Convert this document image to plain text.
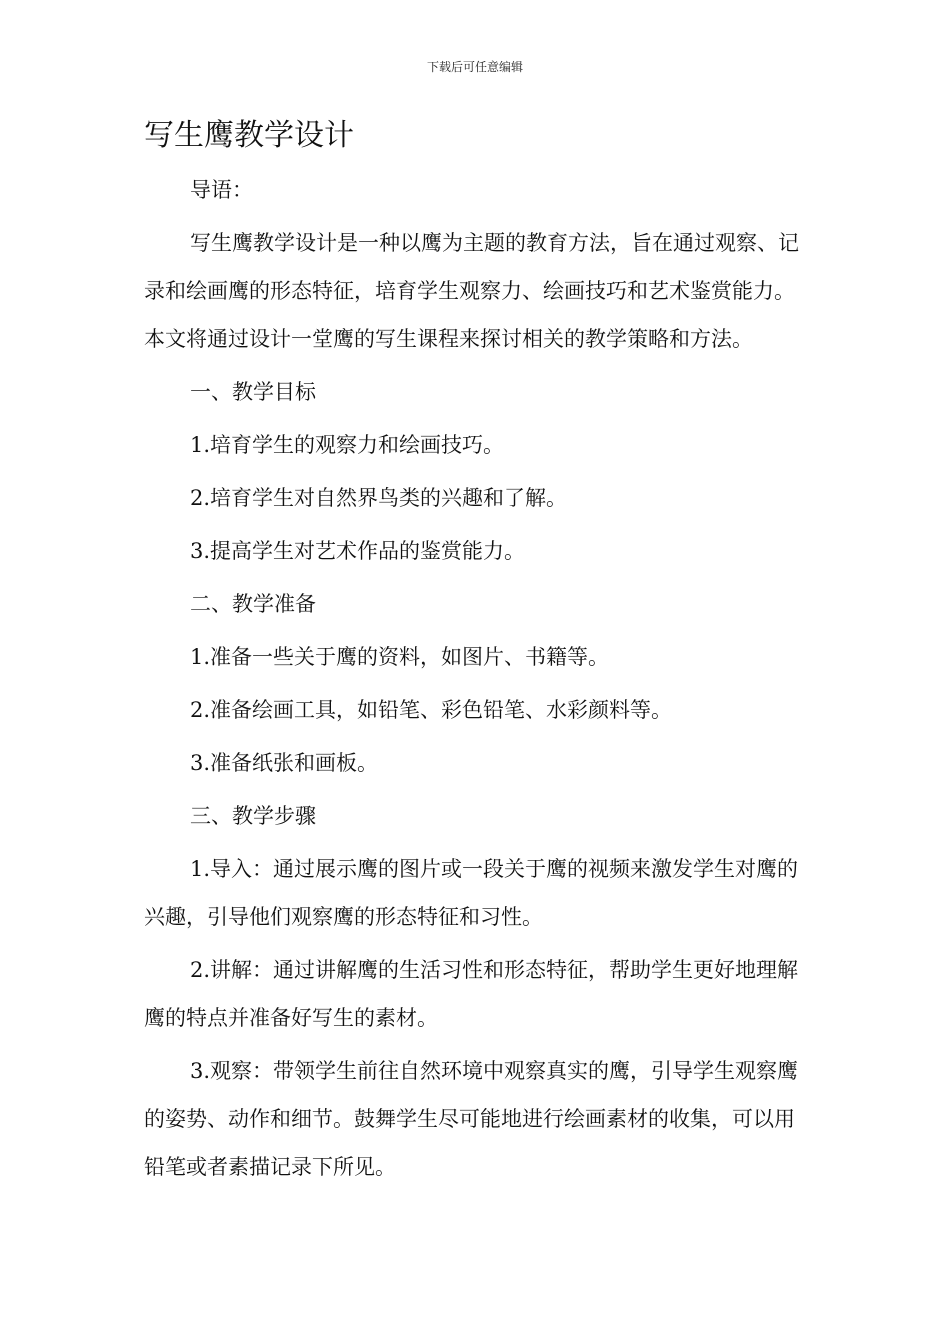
下载后可任意编辑
写生鹰教学设计

导语：

写生鹰教学设计是一种以鹰为主题的教育方法，旨在通过观察、记录和绘画鹰的形态特征，培育学生观察力、绘画技巧和艺术鉴赏能力。本文将通过设计一堂鹰的写生课程来探讨相关的教学策略和方法。

一、教学目标

1.培育学生的观察力和绘画技巧。

2.培育学生对自然界鸟类的兴趣和了解。

3.提高学生对艺术作品的鉴赏能力。

二、教学准备

1.准备一些关于鹰的资料，如图片、书籍等。

2.准备绘画工具，如铅笔、彩色铅笔、水彩颜料等。

3.准备纸张和画板。

三、教学步骤

1.导入：通过展示鹰的图片或一段关于鹰的视频来激发学生对鹰的兴趣，引导他们观察鹰的形态特征和习性。

2.讲解：通过讲解鹰的生活习性和形态特征，帮助学生更好地理解鹰的特点并准备好写生的素材。

3.观察：带领学生前往自然环境中观察真实的鹰，引导学生观察鹰的姿势、动作和细节。鼓舞学生尽可能地进行绘画素材的收集，可以用铅笔或者素描记录下所见。
